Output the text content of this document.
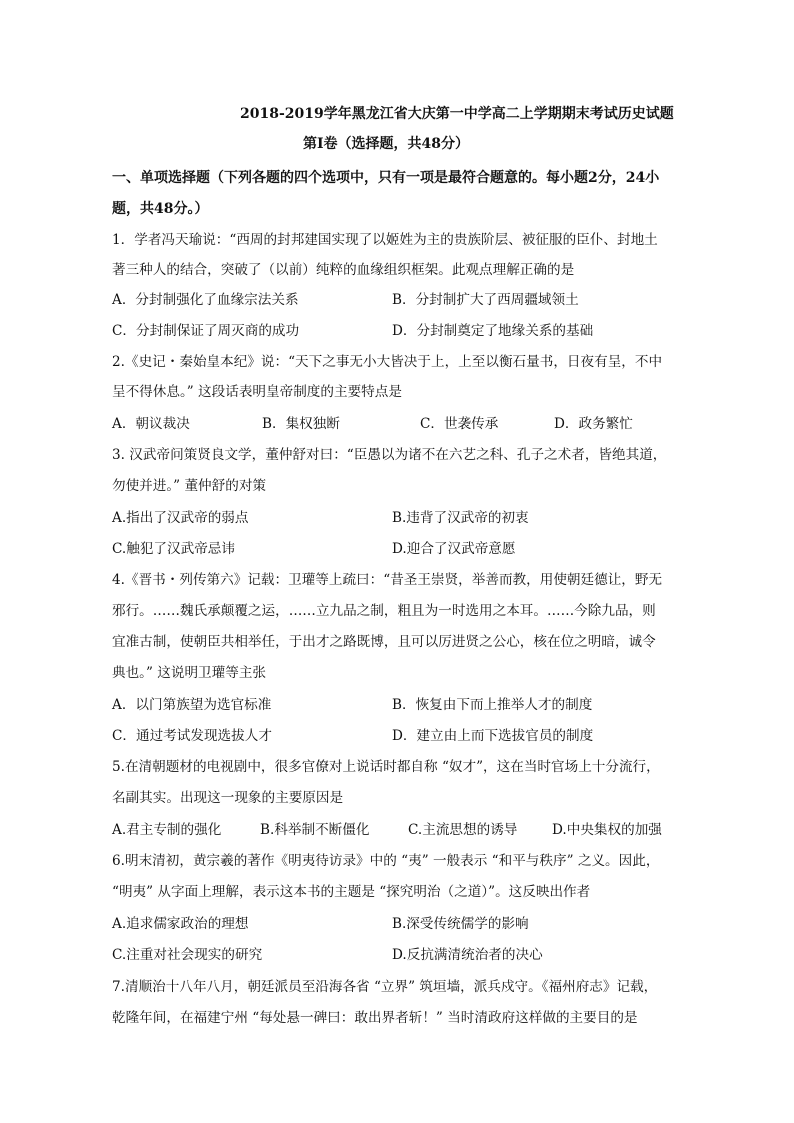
2018-2019学年黑龙江省大庆第一中学高二上学期期末考试历史试题
第Ⅰ卷（选择题，共48分）
一、单项选择题（下列各题的四个选项中，只有一项是最符合题意的。每小题2分，24小题，共48分。）
1．学者冯天瑜说：“西周的封邦建国实现了以姬姓为主的贵族阶层、被征服的臣仆、封地土
著三种人的结合，突破了（以前）纯粹的血缘组织框架。此观点理解正确的是
A．分封制强化了血缘宗法关系	B．分封制扩大了西周疆域领土
C．分封制保证了周灭商的成功	D．分封制奠定了地缘关系的基础
2.《史记・秦始皇本纪》说：“天下之事无小大皆决于上，上至以衡石量书，日夜有呈，不中
呈不得休息。” 这段话表明皇帝制度的主要特点是
A．朝议裁决	B．集权独断	C．世袭传承	D．政务繁忙
3. 汉武帝问策贤良文学，董仲舒对曰：“臣愚以为诸不在六艺之科、孔子之术者，皆绝其道，
勿使并进。” 董仲舒的对策
A.指出了汉武帝的弱点	B.违背了汉武帝的初衷
C.触犯了汉武帝忌讳	D.迎合了汉武帝意愿
4.《晋书・列传第六》记载：卫瓘等上疏曰：“昔圣王崇贤，举善而教，用使朝廷德让，野无
邪行。……魏氏承颠覆之运，……立九品之制，粗且为一时选用之本耳。……今除九品，则
宜准古制，使朝臣共相举任，于出才之路既博，且可以厉进贤之公心，核在位之明暗，诚令
典也。” 这说明卫瓘等主张
A．以门第族望为选官标准	B．恢复由下而上推举人才的制度
C．通过考试发现选拔人才	D．建立由上而下选拔官员的制度
5.在清朝题材的电视剧中，很多官僚对上说话时都自称 “奴才”，这在当时官场上十分流行，
名副其实。出现这一现象的主要原因是
A.君主专制的强化	B.科举制不断僵化	C.主流思想的诱导	D.中央集权的加强
6.明末清初，黄宗羲的著作《明夷待访录》中的 “夷” 一般表示 “和平与秩序” 之义。因此，
“明夷” 从字面上理解，表示这本书的主题是 “探究明治（之道）”。这反映出作者
A.追求儒家政治的理想	B.深受传统儒学的影响
C.注重对社会现实的研究	D.反抗满清统治者的决心
7.清顺治十八年八月，朝廷派员至沿海各省 “立界” 筑垣墙，派兵戍守。《福州府志》记载，
乾隆年间，在福建宁州 “每处悬一碑曰：敢出界者斩！” 当时清政府这样做的主要目的是
